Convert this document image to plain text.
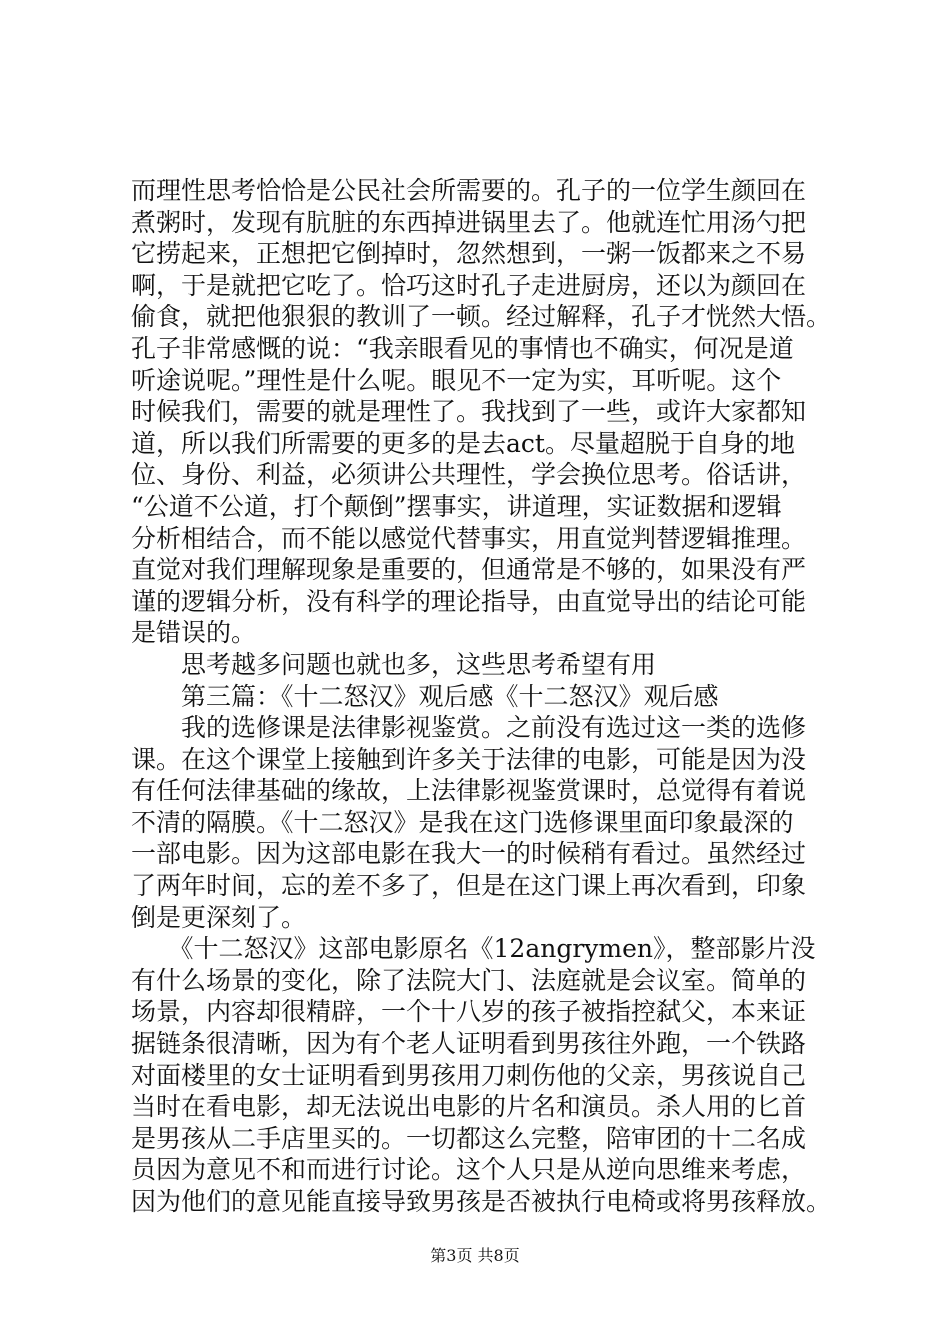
而理性思考恰恰是公民社会所需要的。孔子的一位学生颜回在
煮粥时，发现有肮脏的东西掉进锅里去了。他就连忙用汤勺把
它捞起来，正想把它倒掉时，忽然想到，一粥一饭都来之不易
啊，于是就把它吃了。恰巧这时孔子走进厨房，还以为颜回在
偷食，就把他狠狠的教训了一顿。经过解释，孔子才恍然大悟。
孔子非常感慨的说：“我亲眼看见的事情也不确实，何况是道
听途说呢。”理性是什么呢。眼见不一定为实，耳听呢。这个
时候我们，需要的就是理性了。我找到了一些，或许大家都知
道，所以我们所需要的更多的是去act。尽量超脱于自身的地
位、身份、利益，必须讲公共理性，学会换位思考。俗话讲，
“公道不公道，打个颠倒”摆事实，讲道理，实证数据和逻辑
分析相结合，而不能以感觉代替事实，用直觉判替逻辑推理。
直觉对我们理解现象是重要的，但通常是不够的，如果没有严
谨的逻辑分析，没有科学的理论指导，由直觉导出的结论可能
是错误的。
　　思考越多问题也就也多，这些思考希望有用
　　第三篇：《十二怒汉》观后感《十二怒汉》观后感
　　我的选修课是法律影视鉴赏。之前没有选过这一类的选修
课。在这个课堂上接触到许多关于法律的电影，可能是因为没
有任何法律基础的缘故，上法律影视鉴赏课时，总觉得有着说
不清的隔膜。《十二怒汉》是我在这门选修课里面印象最深的
一部电影。因为这部电影在我大一的时候稍有看过。虽然经过
了两年时间，忘的差不多了，但是在这门课上再次看到，印象
倒是更深刻了。
　　《十二怒汉》这部电影原名《12angrymen》，整部影片没
有什么场景的变化，除了法院大门、法庭就是会议室。简单的
场景，内容却很精辟，一个十八岁的孩子被指控弑父，本来证
据链条很清晰，因为有个老人证明看到男孩往外跑，一个铁路
对面楼里的女士证明看到男孩用刀刺伤他的父亲，男孩说自己
当时在看电影，却无法说出电影的片名和演员。杀人用的匕首
是男孩从二手店里买的。一切都这么完整，陪审团的十二名成
员因为意见不和而进行讨论。这个人只是从逆向思维来考虑，
因为他们的意见能直接导致男孩是否被执行电椅或将男孩释放。
第3页 共8页
